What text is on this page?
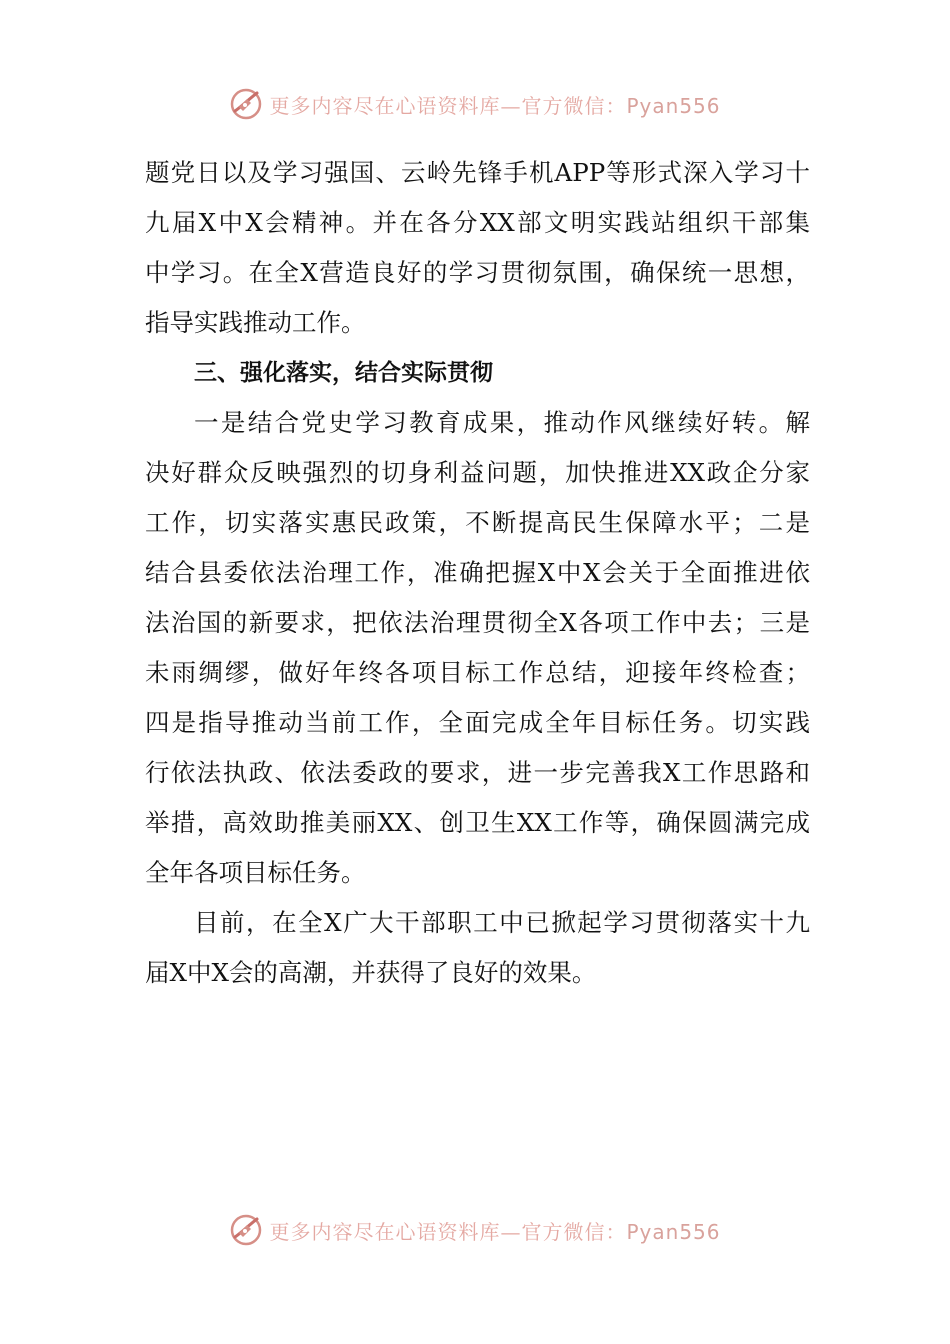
更多内容尽在心语资料库—官方微信：Pyan556
题党日以及学习强国、云岭先锋手机APP等形式深入学习十
九届X中X会精神。并在各分XX部文明实践站组织干部集
中学习。在全X营造良好的学习贯彻氛围，确保统一思想，
指导实践推动工作。
三、强化落实，结合实际贯彻
一是结合党史学习教育成果，推动作风继续好转。解
决好群众反映强烈的切身利益问题，加快推进XX政企分家
工作，切实落实惠民政策，不断提高民生保障水平；二是
结合县委依法治理工作，准确把握X中X会关于全面推进依
法治国的新要求，把依法治理贯彻全X各项工作中去；三是
未雨绸缪，做好年终各项目标工作总结，迎接年终检查；
四是指导推动当前工作，全面完成全年目标任务。切实践
行依法执政、依法委政的要求，进一步完善我X工作思路和
举措，高效助推美丽XX、创卫生XX工作等，确保圆满完成
全年各项目标任务。
目前，在全X广大干部职工中已掀起学习贯彻落实十九
届X中X会的高潮，并获得了良好的效果。
更多内容尽在心语资料库—官方微信：Pyan556
